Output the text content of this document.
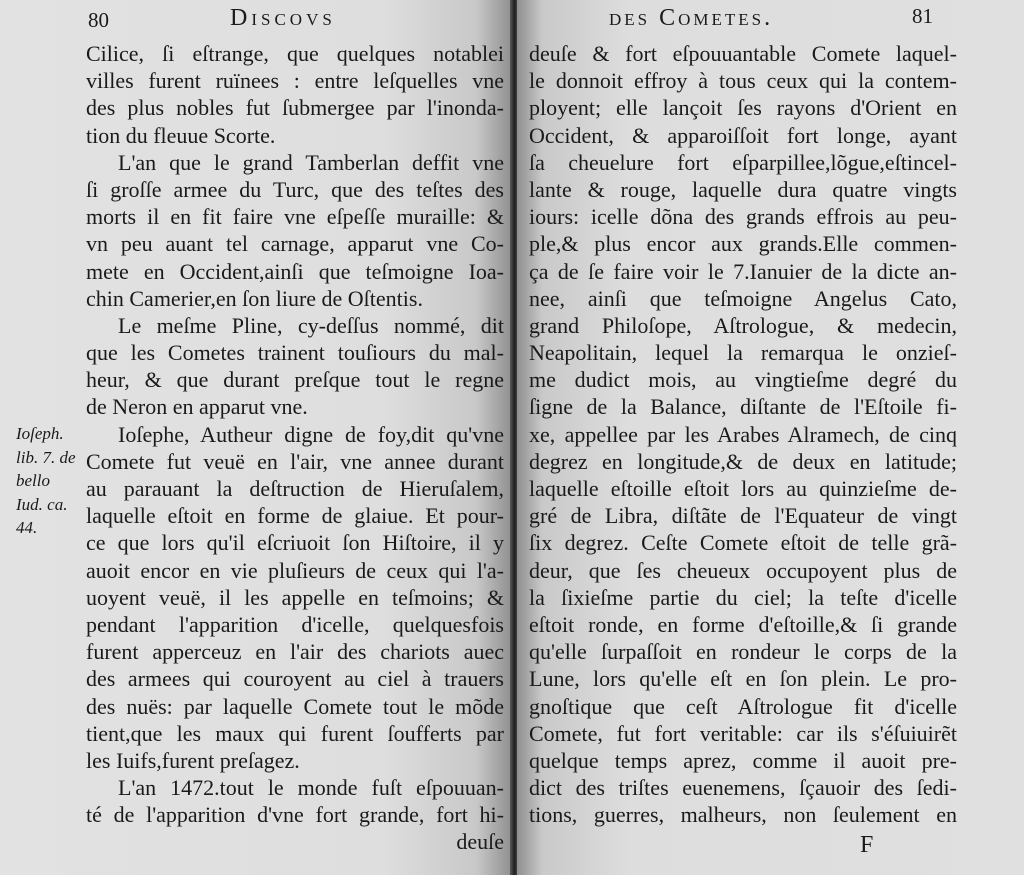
80	Discovs
Cilice, ſi eſtrange, que quelques notablei
villes furent ruïnees : entre leſquelles vne
des plus nobles fut ſubmergee par l'inonda-
tion du fleuue Scorte.
L'an que le grand Tamberlan deffit vne
ſi groſſe armee du Turc, que des teſtes des
morts il en fit faire vne eſpeſſe muraille: &
vn peu auant tel carnage, apparut vne Co-
mete en Occident,ainſi que teſmoigne Ioa-
chin Camerier,en ſon liure de Oſtentis.
Le meſme Pline, cy-deſſus nommé, dit
que les Cometes trainent touſiours du mal-
heur, & que durant preſque tout le regne
de Neron en apparut vne.
Ioſephe, Autheur digne de foy,dit qu'vne
Comete fut veuë en l'air, vne annee durant
au parauant la deſtruction de Hieruſalem,
laquelle eſtoit en forme de glaiue. Et pour-
ce que lors qu'il eſcriuoit ſon Hiſtoire, il y
auoit encor en vie pluſieurs de ceux qui l'a-
uoyent veuë, il les appelle en teſmoins; &
pendant l'apparition d'icelle, quelquesfois
furent apperceuz en l'air des chariots auec
des armees qui couroyent au ciel à trauers
des nuës: par laquelle Comete tout le mõde
tient,que les maux qui furent ſoufferts par
les Iuifs,furent preſagez.
L'an 1472.tout le monde fuſt eſpouuan-
té de l'apparition d'vne fort grande, fort hi-
deuſe
Ioſeph.
lib. 7. de
bello
Iud. ca.
44.
des Cometes.	81
deuſe & fort eſpouuantable Comete laquel-
le donnoit effroy à tous ceux qui la contem-
ployent; elle lançoit ſes rayons d'Orient en
Occident, & apparoiſſoit fort longe, ayant
ſa cheuelure fort eſparpillee,lõgue,eſtincel-
lante & rouge, laquelle dura quatre vingts
iours: icelle dõna des grands effrois au peu-
ple,& plus encor aux grands.Elle commen-
ça de ſe faire voir le 7.Ianuier de la dicte an-
nee, ainſi que teſmoigne Angelus Cato,
grand Philoſope, Aſtrologue, & medecin,
Neapolitain, lequel la remarqua le onzieſ-
me dudict mois, au vingtieſme degré du
ſigne de la Balance, diſtante de l'Eſtoile fi-
xe, appellee par les Arabes Alramech, de cinq
degrez en longitude,& de deux en latitude;
laquelle eſtoille eſtoit lors au quinzieſme de-
gré de Libra, diſtãte de l'Equateur de vingt
ſix degrez. Ceſte Comete eſtoit de telle grã-
deur, que ſes cheueux occupoyent plus de
la ſixieſme partie du ciel; la teſte d'icelle
eſtoit ronde, en forme d'eſtoille,& ſi grande
qu'elle ſurpaſſoit en rondeur le corps de la
Lune, lors qu'elle eſt en ſon plein. Le pro-
gnoſtique que ceſt Aſtrologue fit d'icelle
Comete, fut fort veritable: car ils s'éſuiuirẽt
quelque temps aprez, comme il auoit pre-
dict des triſtes euenemens, ſçauoir des ſedi-
tions, guerres, malheurs, non ſeulement en
F
